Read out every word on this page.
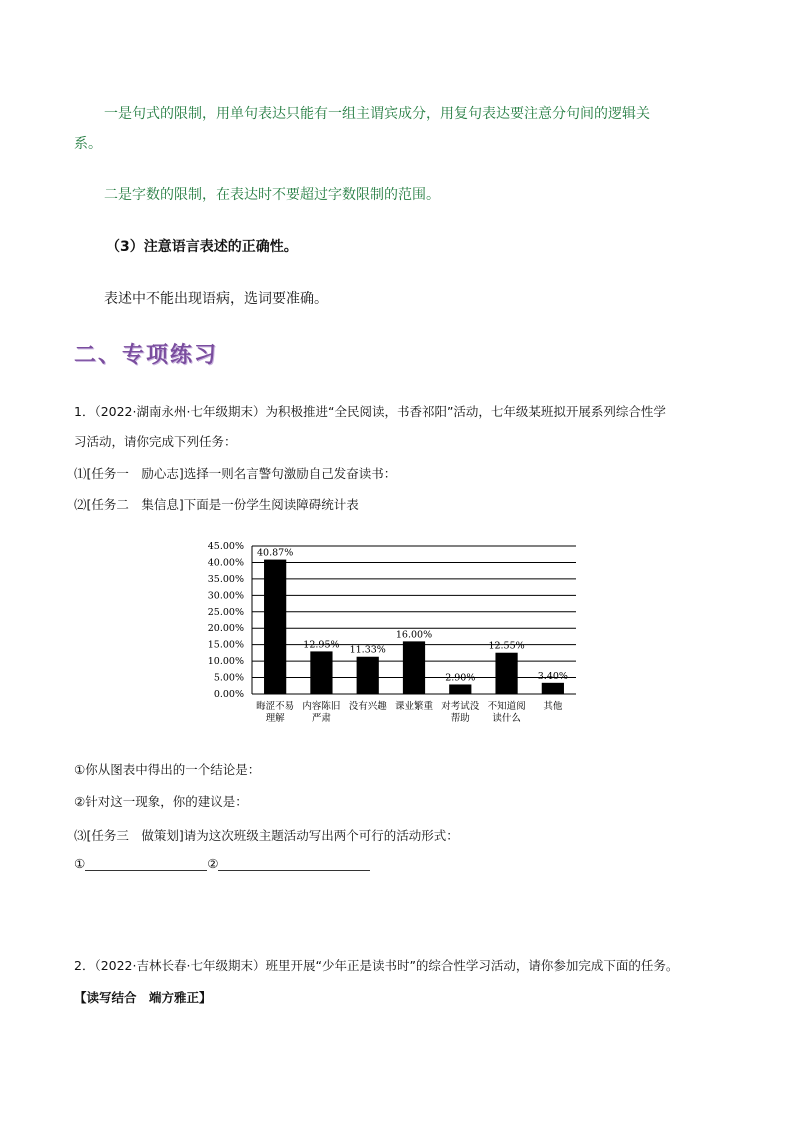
一是句式的限制，用单句表达只能有一组主谓宾成分，用复句表达要注意分句间的逻辑关
系。
二是字数的限制，在表达时不要超过字数限制的范围。
（3）注意语言表述的正确性。
表述中不能出现语病，选词要准确。
二、专项练习
1．（2022·湖南永州·七年级期末）为积极推进“全民阅读，书香祁阳”活动，七年级某班拟开展系列综合性学
习活动，请你完成下列任务：
⑴[任务一　励心志]选择一则名言警句激励自己发奋读书：
⑵[任务二　集信息]下面是一份学生阅读障碍统计表
0.00%
5.00%
10.00%
15.00%
20.00%
25.00%
30.00%
35.00%
40.00%
45.00%
40.87%
晦涩不易
理解
12.95%
内容陈旧
严肃
11.33%
没有兴趣
16.00%
课业繁重
2.90%
对考试没
帮助
12.55%
不知道阅
读什么
3.40%
其他
①你从图表中得出的一个结论是：
②针对这一现象，你的建议是：
⑶[任务三　做策划]请为这次班级主题活动写出两个可行的活动形式：
①	②
2．（2022·吉林长春·七年级期末）班里开展“少年正是读书时”的综合性学习活动，请你参加完成下面的任务。
【读写结合　端方雅正】
